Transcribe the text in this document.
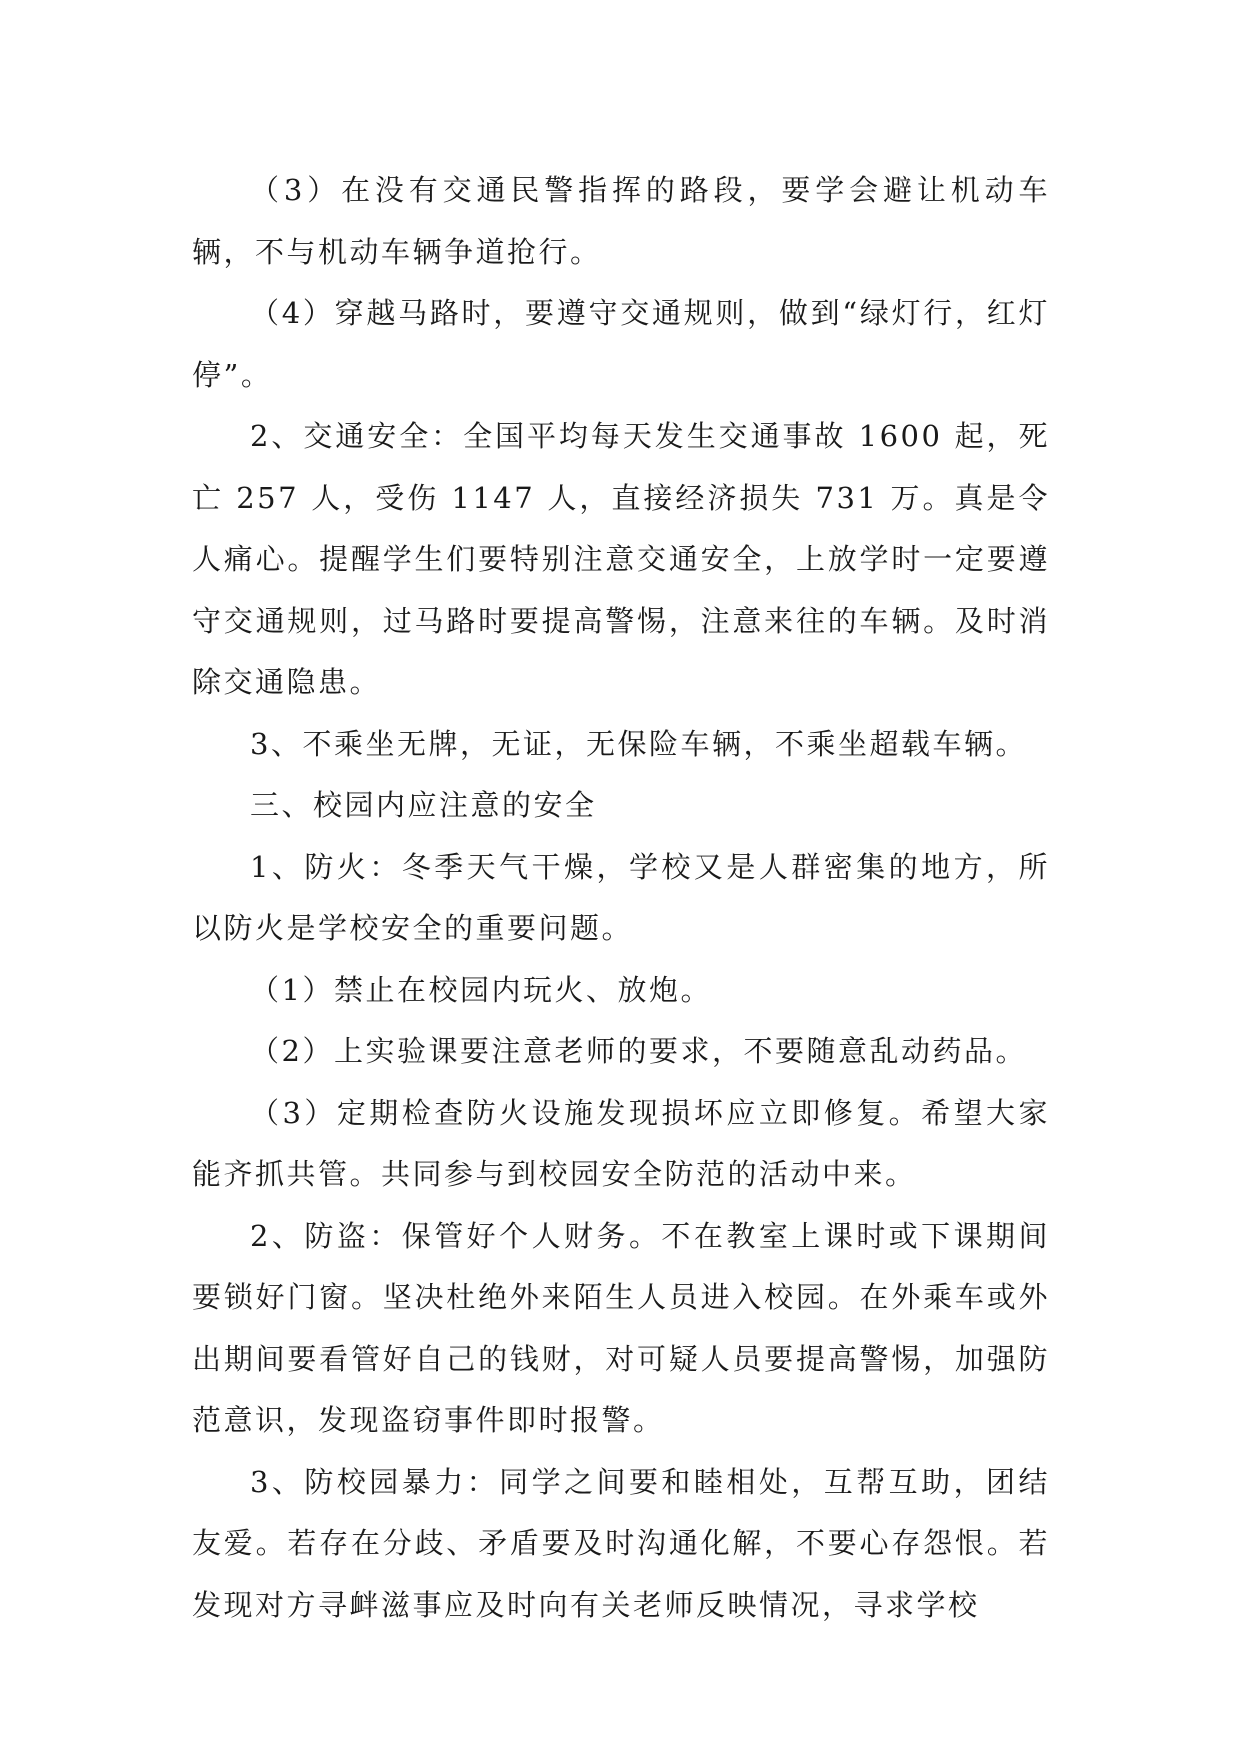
（3）在没有交通民警指挥的路段，要学会避让机动车辆，不与机动车辆争道抢行。

（4）穿越马路时，要遵守交通规则，做到“绿灯行，红灯停”。

2、交通安全：全国平均每天发生交通事故 1600 起，死亡 257 人，受伤 1147 人，直接经济损失 731 万。真是令人痛心。提醒学生们要特别注意交通安全，上放学时一定要遵守交通规则，过马路时要提高警惕，注意来往的车辆。及时消除交通隐患。

3、不乘坐无牌，无证，无保险车辆，不乘坐超载车辆。

三、校园内应注意的安全

1、防火：冬季天气干燥，学校又是人群密集的地方，所以防火是学校安全的重要问题。

（1）禁止在校园内玩火、放炮。

（2）上实验课要注意老师的要求，不要随意乱动药品。

（3）定期检查防火设施发现损坏应立即修复。希望大家能齐抓共管。共同参与到校园安全防范的活动中来。

2、防盗：保管好个人财务。不在教室上课时或下课期间要锁好门窗。坚决杜绝外来陌生人员进入校园。在外乘车或外出期间要看管好自己的钱财，对可疑人员要提高警惕，加强防范意识，发现盗窃事件即时报警。

3、防校园暴力：同学之间要和睦相处，互帮互助，团结友爱。若存在分歧、矛盾要及时沟通化解，不要心存怨恨。若发现对方寻衅滋事应及时向有关老师反映情况，寻求学校
